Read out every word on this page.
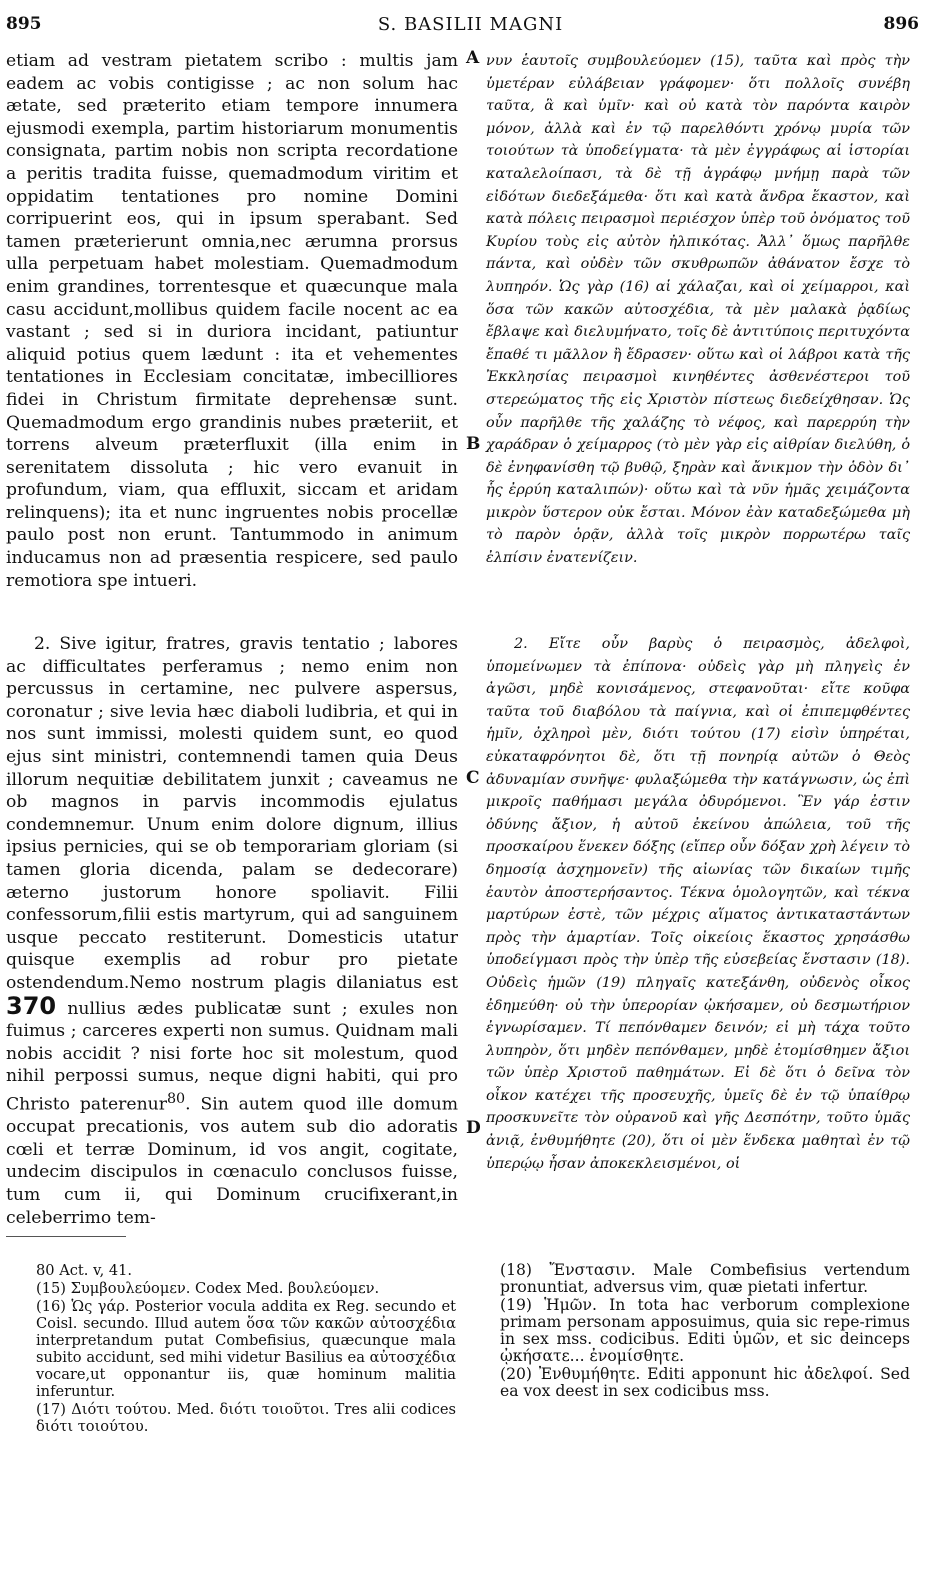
895	S. BASILII MAGNI	896

etiam ad vestram pietatem scribo : multis jam eadem ac vobis contigisse ; ac non solum hac ætate, sed præterito etiam tempore innumera ejusmodi exempla, partim historiarum monumentis consignata, partim nobis non scripta recordatione a peritis tradita fuisse, quemadmodum viritim et oppidatim tentationes pro nomine Domini corripuerint eos, qui in ipsum sperabant. Sed tamen præterierunt omnia,nec ærumna prorsus ulla perpetuam habet molestiam. Quemadmodum enim grandines, torrentesque et quæcunque mala casu accidunt,mollibus quidem facile nocent ac ea vastant ; sed si in duriora incidant, patiuntur aliquid potius quem lædunt : ita et vehementes tentationes in Ecclesiam concitatæ, imbecilliores fidei in Christum firmitate deprehensæ sunt. Quemadmodum ergo grandinis nubes præteriit, et torrens alveum præterfluxit (illa enim in serenitatem dissoluta ; hic vero evanuit in profundum, viam, qua effluxit, siccam et aridam relinquens); ita et nunc ingruentes nobis procellæ paulo post non erunt. Tantummodo in animum inducamus non ad præsentia respicere, sed paulo remotiora spe intueri.

2. Sive igitur, fratres, gravis tentatio ; labores ac difficultates perferamus ; nemo enim non percussus in certamine, nec pulvere aspersus, coronatur ; sive levia hæc diaboli ludibria, et qui in nos sunt immissi, molesti quidem sunt, eo quod ejus sint ministri, contemnendi tamen quia Deus illorum nequitiæ debilitatem junxit ; caveamus ne ob magnos in parvis incommodis ejulatus condemnemur. Unum enim dolore dignum, illius ipsius pernicies, qui se ob temporariam gloriam (si tamen gloria dicenda, palam se dedecorare) æterno justorum honore spoliavit. Filii confessorum,filii estis martyrum, qui ad sanguinem usque peccato restiterunt. Domesticis utatur quisque exemplis ad robur pro pietate ostendendum.Nemo nostrum plagis dilaniatus est 370 nullius ædes publicatæ sunt ; exules non fuimus ; carceres experti non sumus. Quidnam mali nobis accidit ? nisi forte hoc sit molestum, quod nihil perpossi sumus, neque digni habiti, qui pro Christo paterenur$^{80}$. Sin autem quod ille domum occupat precationis, vos autem sub dio adoratis cœli et terræ Dominum, id vos angit, cogitate, undecim discipulos in cœnaculo conclusos fuisse, tum cum ii, qui Dominum crucifixerant,in celeberrimo tem-

A
B
C
D

νυν ἑαυτοῖς συμβουλεύομεν (15), ταῦτα καὶ πρὸς τὴν ὑμετέραν εὐλάβειαν γράφομεν· ὅτι πολλοῖς συνέβη ταῦτα, ἃ καὶ ὑμῖν· καὶ οὐ κατὰ τὸν παρόντα καιρὸν μόνον, ἀλλὰ καὶ ἐν τῷ παρελθόντι χρόνῳ μυρία τῶν τοιούτων τὰ ὑποδείγματα· τὰ μὲν ἐγγράφως αἱ ἱστορίαι καταλελοίπασι, τὰ δὲ τῇ ἀγράφῳ μνήμῃ παρὰ τῶν εἰδότων διεδεξάμεθα· ὅτι καὶ κατὰ ἄνδρα ἕκαστον, καὶ κατὰ πόλεις πειρασμοὶ περιέσχον ὑπὲρ τοῦ ὀνόματος τοῦ Κυρίου τοὺς εἰς αὐτὸν ἠλπικότας. Ἀλλ᾽ ὅμως παρῆλθε πάντα, καὶ οὐδὲν τῶν σκυθρωπῶν ἀθάνατον ἔσχε τὸ λυπηρόν. Ὡς γὰρ (16) αἱ χάλαζαι, καὶ οἱ χείμαρροι, καὶ ὅσα τῶν κακῶν αὐτοσχέδια, τὰ μὲν μαλακὰ ῥᾳδίως ἔβλαψε καὶ διελυμήνατο, τοῖς δὲ ἀντιτύποις περιτυχόντα ἔπαθέ τι μᾶλλον ἢ ἔδρασεν· οὕτω καὶ οἱ λάβροι κατὰ τῆς Ἐκκλησίας πειρασμοὶ κινηθέντες ἀσθενέστεροι τοῦ στερεώματος τῆς εἰς Χριστὸν πίστεως διεδείχθησαν. Ὡς οὖν παρῆλθε τῆς χαλάζης τὸ νέφος, καὶ παρερρύη τὴν χαράδραν ὁ χείμαρρος (τὸ μὲν γὰρ εἰς αἰθρίαν διελύθη, ὁ δὲ ἐνηφανίσθη τῷ βυθῷ, ξηρὰν καὶ ἄνικμον τὴν ὁδὸν δι᾽ ἧς ἐρρύη καταλιπών)· οὕτω καὶ τὰ νῦν ἡμᾶς χειμάζοντα μικρὸν ὕστερον οὐκ ἔσται. Μόνον ἐὰν καταδεξώμεθα μὴ τὸ παρὸν ὁρᾷν, ἀλλὰ τοῖς μικρὸν πορρωτέρω ταῖς ἐλπίσιν ἐνατενίζειν.

2. Εἴτε οὖν βαρὺς ὁ πειρασμὸς, ἀδελφοὶ, ὑπομείνωμεν τὰ ἐπίπονα· οὐδεὶς γὰρ μὴ πληγεὶς ἐν ἀγῶσι, μηδὲ κονισάμενος, στεφανοῦται· εἴτε κοῦφα ταῦτα τοῦ διαβόλου τὰ παίγνια, καὶ οἱ ἐπιπεμφθέντες ἡμῖν, ὀχληροὶ μὲν, διότι τούτου (17) εἰσὶν ὑπηρέται, εὐκαταφρόνητοι δὲ, ὅτι τῇ πονηρίᾳ αὐτῶν ὁ Θεὸς ἀδυναμίαν συνῆψε· φυλαξώμεθα τὴν κατάγνωσιν, ὡς ἐπὶ μικροῖς παθήμασι μεγάλα ὀδυρόμενοι. Ἓν γάρ ἐστιν ὀδύνης ἄξιον, ἡ αὐτοῦ ἐκείνου ἀπώλεια, τοῦ τῆς προσκαίρου ἕνεκεν δόξης (εἴπερ οὖν δόξαν χρὴ λέγειν τὸ δημοσίᾳ ἀσχημονεῖν) τῆς αἰωνίας τῶν δικαίων τιμῆς ἑαυτὸν ἀποστερήσαντος. Τέκνα ὁμολογητῶν, καὶ τέκνα μαρτύρων ἐστὲ, τῶν μέχρις αἵματος ἀντικαταστάντων πρὸς τὴν ἁμαρτίαν. Τοῖς οἰκείοις ἕκαστος χρησάσθω ὑποδείγμασι πρὸς τὴν ὑπὲρ τῆς εὐσεβείας ἔνστασιν (18). Οὐδεὶς ἡμῶν (19) πληγαῖς κατεξάνθη, οὐδενὸς οἶκος ἐδημεύθη· οὐ τὴν ὑπερορίαν ᾠκήσαμεν, οὐ δεσμωτήριον ἐγνωρίσαμεν. Τί πεπόνθαμεν δεινόν; εἰ μὴ τάχα τοῦτο λυπηρὸν, ὅτι μηδὲν πεπόνθαμεν, μηδὲ ἐτομίσθημεν ἄξιοι τῶν ὑπὲρ Χριστοῦ παθημάτων. Εἰ δὲ ὅτι ὁ δεῖνα τὸν οἶκον κατέχει τῆς προσευχῆς, ὑμεῖς δὲ ἐν τῷ ὑπαίθρῳ προσκυνεῖτε τὸν οὐρανοῦ καὶ γῆς Δεσπότην, τοῦτο ὑμᾶς ἀνιᾷ, ἐνθυμήθητε (20), ὅτι οἱ μὲν ἕνδεκα μαθηταὶ ἐν τῷ ὑπερῴῳ ἦσαν ἀποκεκλεισμένοι, οἱ

80 Act. v, 41.

(15) Συμβουλεύομεν. Codex Med. βουλεύομεν.

(16) Ὡς γάρ. Posterior vocula addita ex Reg. secundo et Coisl. secundo. Illud autem ὅσα τῶν κακῶν αὐτοσχέδια interpretandum putat Combefisius, quæcunque mala subito accidunt, sed mihi videtur Basilius ea αὐτοσχέδια vocare,ut opponantur iis, quæ hominum malitia inferuntur.

(17) Διότι τούτου. Med. διότι τοιοῦτοι. Tres alii codices διότι τοιούτου.

(18) Ἔνστασιν. Male Combefisius vertendum pronuntiat, adversus vim, quæ pietati infertur.

(19) Ἡμῶν. In tota hac verborum complexione primam personam apposuimus, quia sic repe-rimus in sex mss. codicibus. Editi ὑμῶν, et sic deinceps ᾠκήσατε... ἐνομίσθητε.

(20) Ἐνθυμήθητε. Editi apponunt hic ἀδελφοί. Sed ea vox deest in sex codicibus mss.
